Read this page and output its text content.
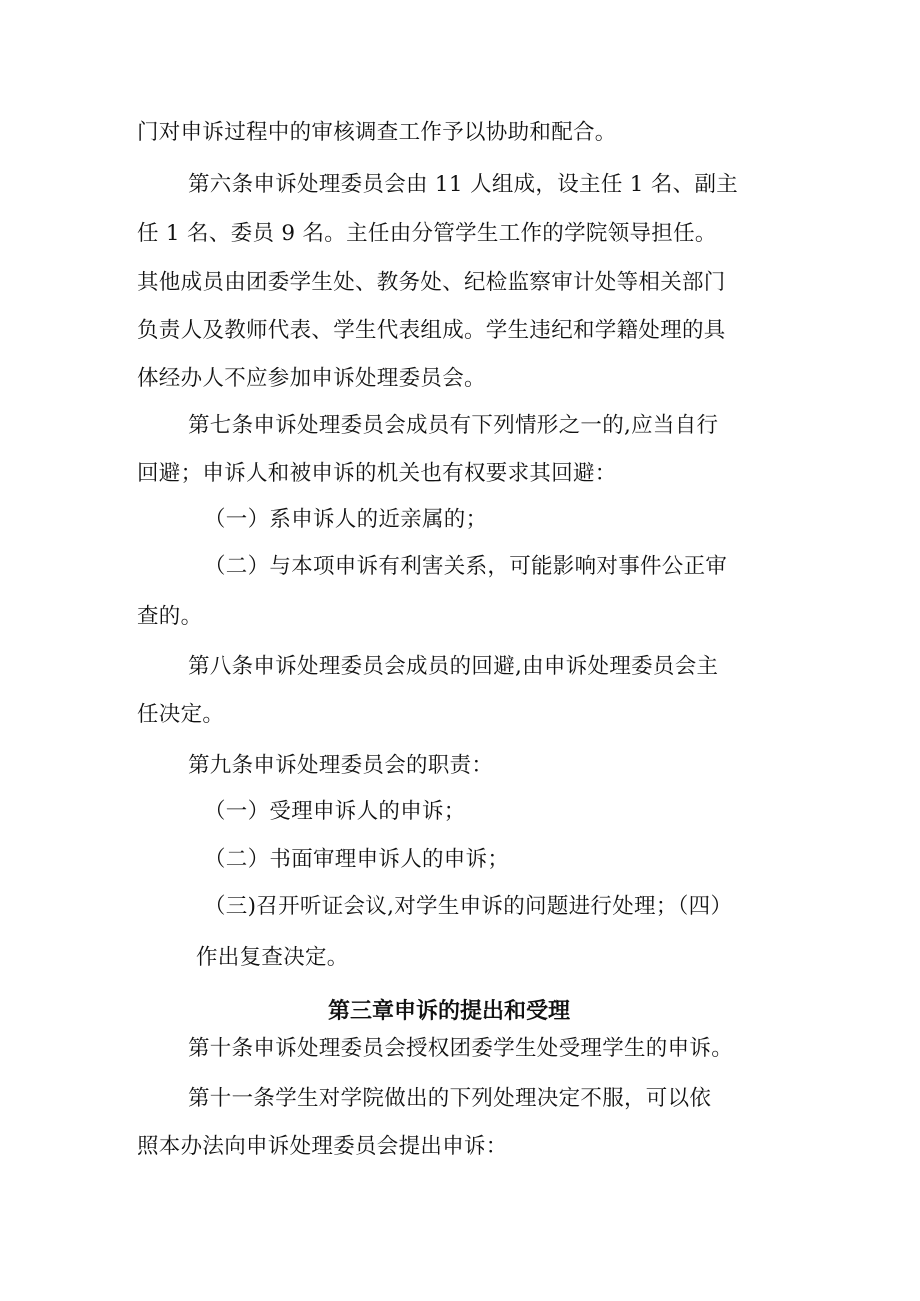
门对申诉过程中的审核调查工作予以协助和配合。
第六条申诉处理委员会由 11 人组成，设主任 1 名、副主
任 1 名、委员 9 名。主任由分管学生工作的学院领导担任。
其他成员由团委学生处、教务处、纪检监察审计处等相关部门
负责人及教师代表、学生代表组成。学生违纪和学籍处理的具
体经办人不应参加申诉处理委员会。
第七条申诉处理委员会成员有下列情形之一的,应当自行
回避；申诉人和被申诉的机关也有权要求其回避：
（一）系申诉人的近亲属的；
（二）与本项申诉有利害关系，可能影响对事件公正审
查的。
第八条申诉处理委员会成员的回避,由申诉处理委员会主
任决定。
第九条申诉处理委员会的职责：
（一）受理申诉人的申诉；
（二）书面审理申诉人的申诉；
（三)召开听证会议,对学生申诉的问题进行处理；（四）
作出复查决定。
第三章申诉的提出和受理
第十条申诉处理委员会授权团委学生处受理学生的申诉。
第十一条学生对学院做出的下列处理决定不服，可以依
照本办法向申诉处理委员会提出申诉：
